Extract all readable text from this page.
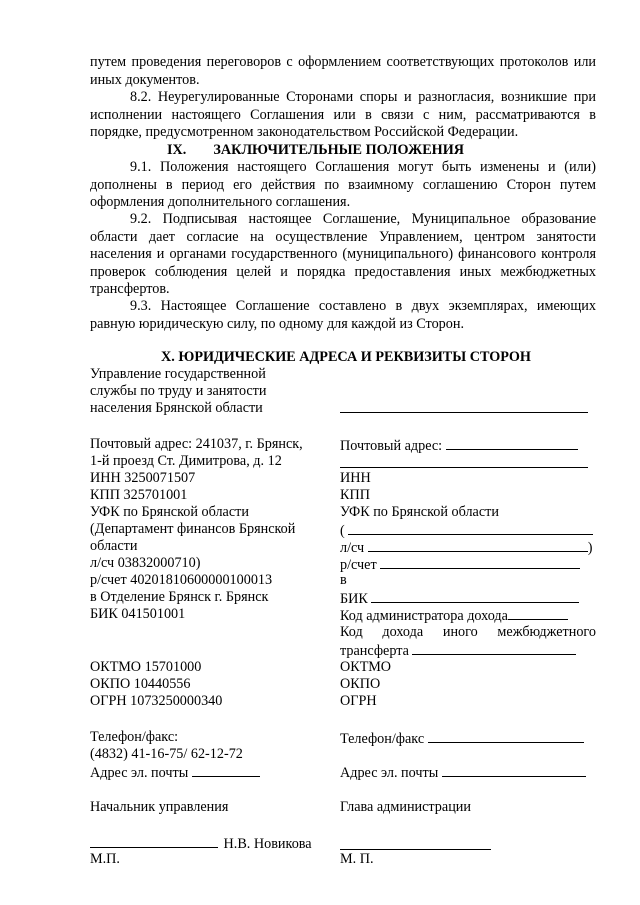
путем проведения переговоров с оформлением соответствующих протоколов или иных документов.

8.2. Неурегулированные Сторонами споры и разногласия, возникшие при исполнении настоящего Соглашения или в связи с ним, рассматриваются в порядке, предусмотренном законодательством Российской Федерации.

IX. ЗАКЛЮЧИТЕЛЬНЫЕ ПОЛОЖЕНИЯ

9.1. Положения настоящего Соглашения могут быть изменены и (или) дополнены в период его действия по взаимному соглашению Сторон путем оформления дополнительного соглашения.

9.2. Подписывая настоящее Соглашение, Муниципальное образование области дает согласие на осуществление Управлением, центром занятости населения и органами государственного (муниципального) финансового контроля проверок соблюдения целей и порядка предоставления иных межбюджетных трансфертов.

9.3. Настоящее Соглашение составлено в двух экземплярах, имеющих равную юридическую силу, по одному для каждой из Сторон.

X. ЮРИДИЧЕСКИЕ АДРЕСА И РЕКВИЗИТЫ СТОРОН
Управление государственной
службы по труду и занятости
населения Брянской области
Почтовый адрес: 241037, г. Брянск,
1-й проезд Ст. Димитрова, д. 12
ИНН 3250071507
КПП 325701001
УФК по Брянской области
(Департамент финансов Брянской
области
л/сч 03832000710)
р/счет 40201810600000100013
в Отделение Брянск г. Брянск
БИК 041501001
ОКТМО 15701000
ОКПО 10440556
ОГРН 1073250000340
Телефон/факс:
(4832) 41-16-75/ 62-12-72
Адрес эл. почты
Начальник управления
Н.В. Новикова
М.П.
Почтовый адрес:
ИНН
КПП
УФК по Брянской области
(
л/сч	)
р/счет
в
БИК
Код администратора дохода
Код дохода иного межбюджетного
трансферта
ОКТМО
ОКПО
ОГРН
Телефон/факс
Адрес эл. почты
Глава администрации
М. П.
